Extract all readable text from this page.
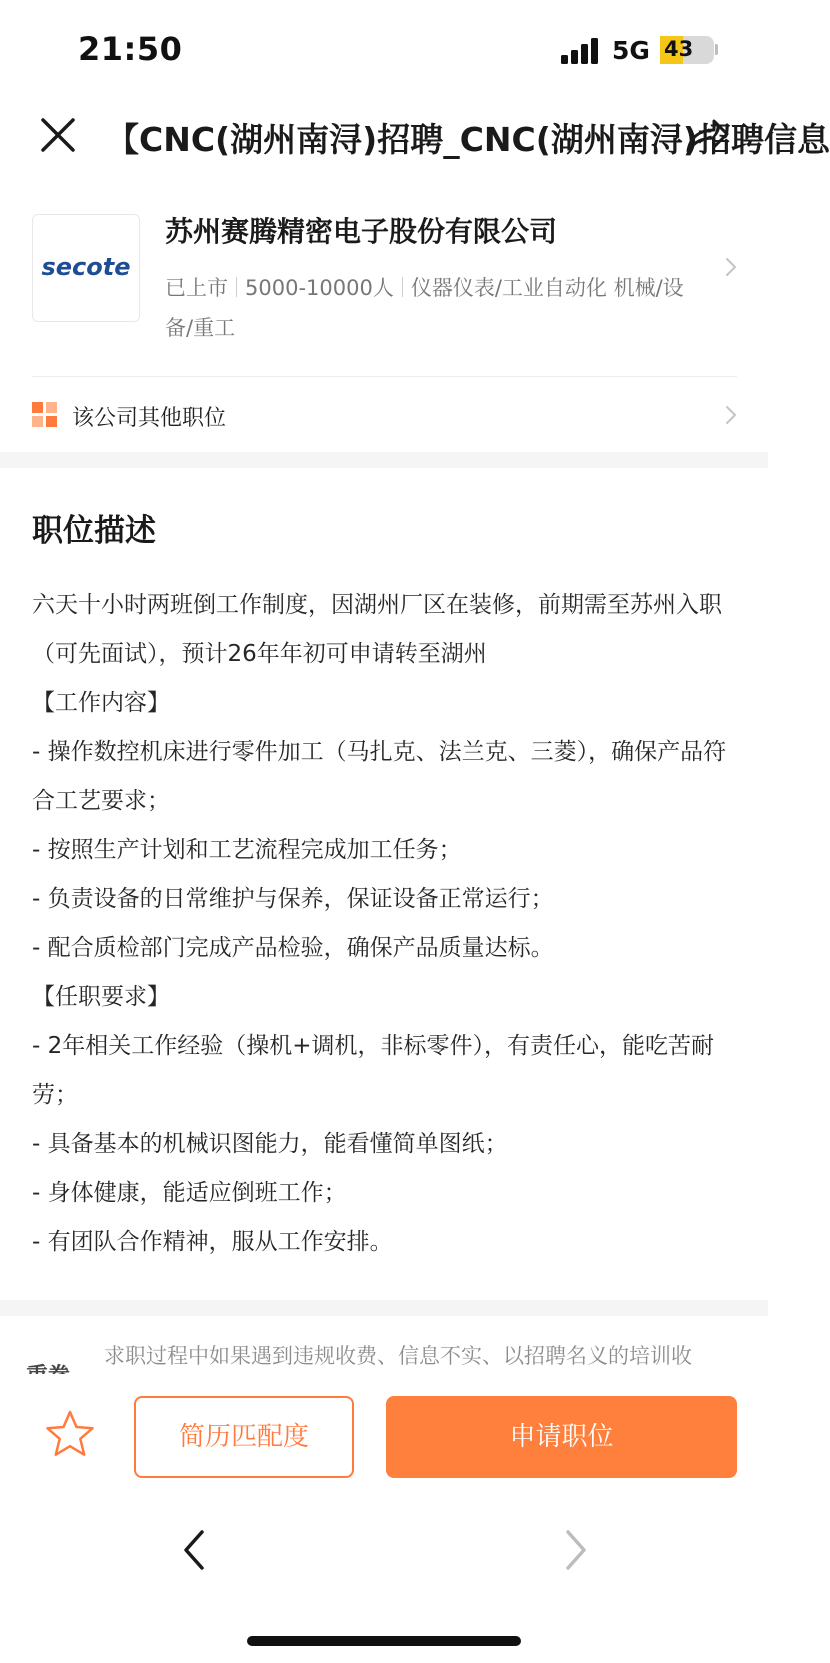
21:50	5G 43
【CNC(湖州南浔)招聘_CNC(湖州南浔)招聘信息
secote
苏州赛腾精密电子股份有限公司
已上市 5000-10000人 仪器仪表/工业自动化 机械/设备/重工
该公司其他职位
职位描述

六天十小时两班倒工作制度，因湖州厂区在装修，前期需至苏州入职（可先面试），预计26年年初可申请转至湖州

【工作内容】

- 操作数控机床进行零件加工（马扎克、法兰克、三菱），确保产品符合工艺要求；

- 按照生产计划和工艺流程完成加工任务；

- 负责设备的日常维护与保养，保证设备正常运行；

- 配合质检部门完成产品检验，确保产品质量达标。

【任职要求】

- 2年相关工作经验（操机+调机，非标零件），有责任心，能吃苦耐劳；

- 具备基本的机械识图能力，能看懂简单图纸；

- 身体健康，能适应倒班工作；

- 有团队合作精神，服从工作安排。

求职过程中如果遇到违规收费、信息不实、以招聘名义的培训收
简历匹配度	申请职位
